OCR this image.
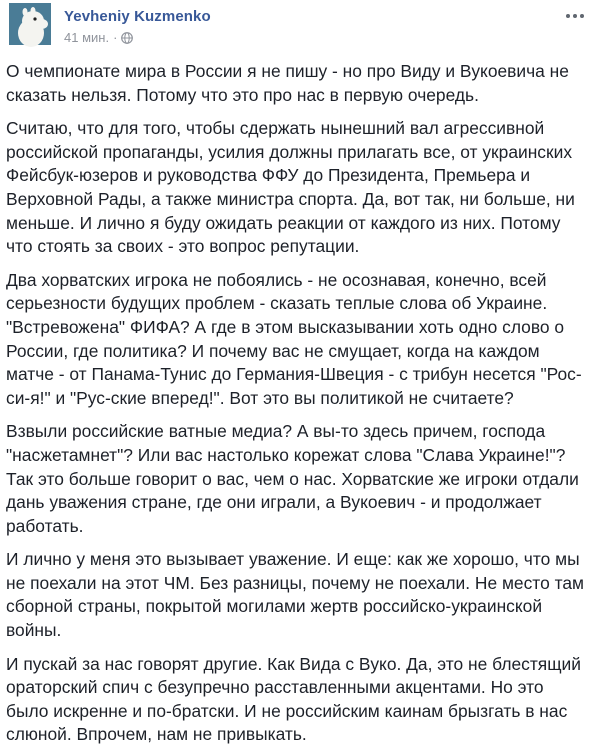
Yevheniy Kuzmenko
41 мин. ·

О чемпионате мира в России я не пишу - но про Виду и Вукоевича не сказать нельзя. Потому что это про нас в первую очередь.

Считаю, что для того, чтобы сдержать нынешний вал агрессивной российской пропаганды, усилия должны прилагать все, от украинских Фейсбук-юзеров и руководства ФФУ до Президента, Премьера и Верховной Рады, а также министра спорта. Да, вот так, ни больше, ни меньше. И лично я буду ожидать реакции от каждого из них. Потому что стоять за своих - это вопрос репутации.

Два хорватских игрока не побоялись - не осознавая, конечно, всей серьезности будущих проблем - сказать теплые слова об Украине. "Встревожена" ФИФА? А где в этом высказывании хоть одно слово о России, где политика? И почему вас не смущает, когда на каждом матче - от Панама-Тунис до Германия-Швеция - с трибун несется "Рос-си-я!" и "Рус-ские вперед!". Вот это вы политикой не считаете?

Взвыли российские ватные медиа? А вы-то здесь причем, господа "насжетамнет"? Или вас настолько корежат слова "Слава Украине!"? Так это больше говорит о вас, чем о нас. Хорватские же игроки отдали дань уважения стране, где они играли, а Вукоевич - и продолжает работать.

И лично у меня это вызывает уважение. И еще: как же хорошо, что мы не поехали на этот ЧМ. Без разницы, почему не поехали. Не место там сборной страны, покрытой могилами жертв российско-украинской войны.

И пускай за нас говорят другие. Как Вида с Вуко. Да, это не блестящий ораторский спич с безупречно расставленными акцентами. Но это было искренне и по-братски. И не российским каинам брызгать в нас слюной. Впрочем, нам не привыкать.
